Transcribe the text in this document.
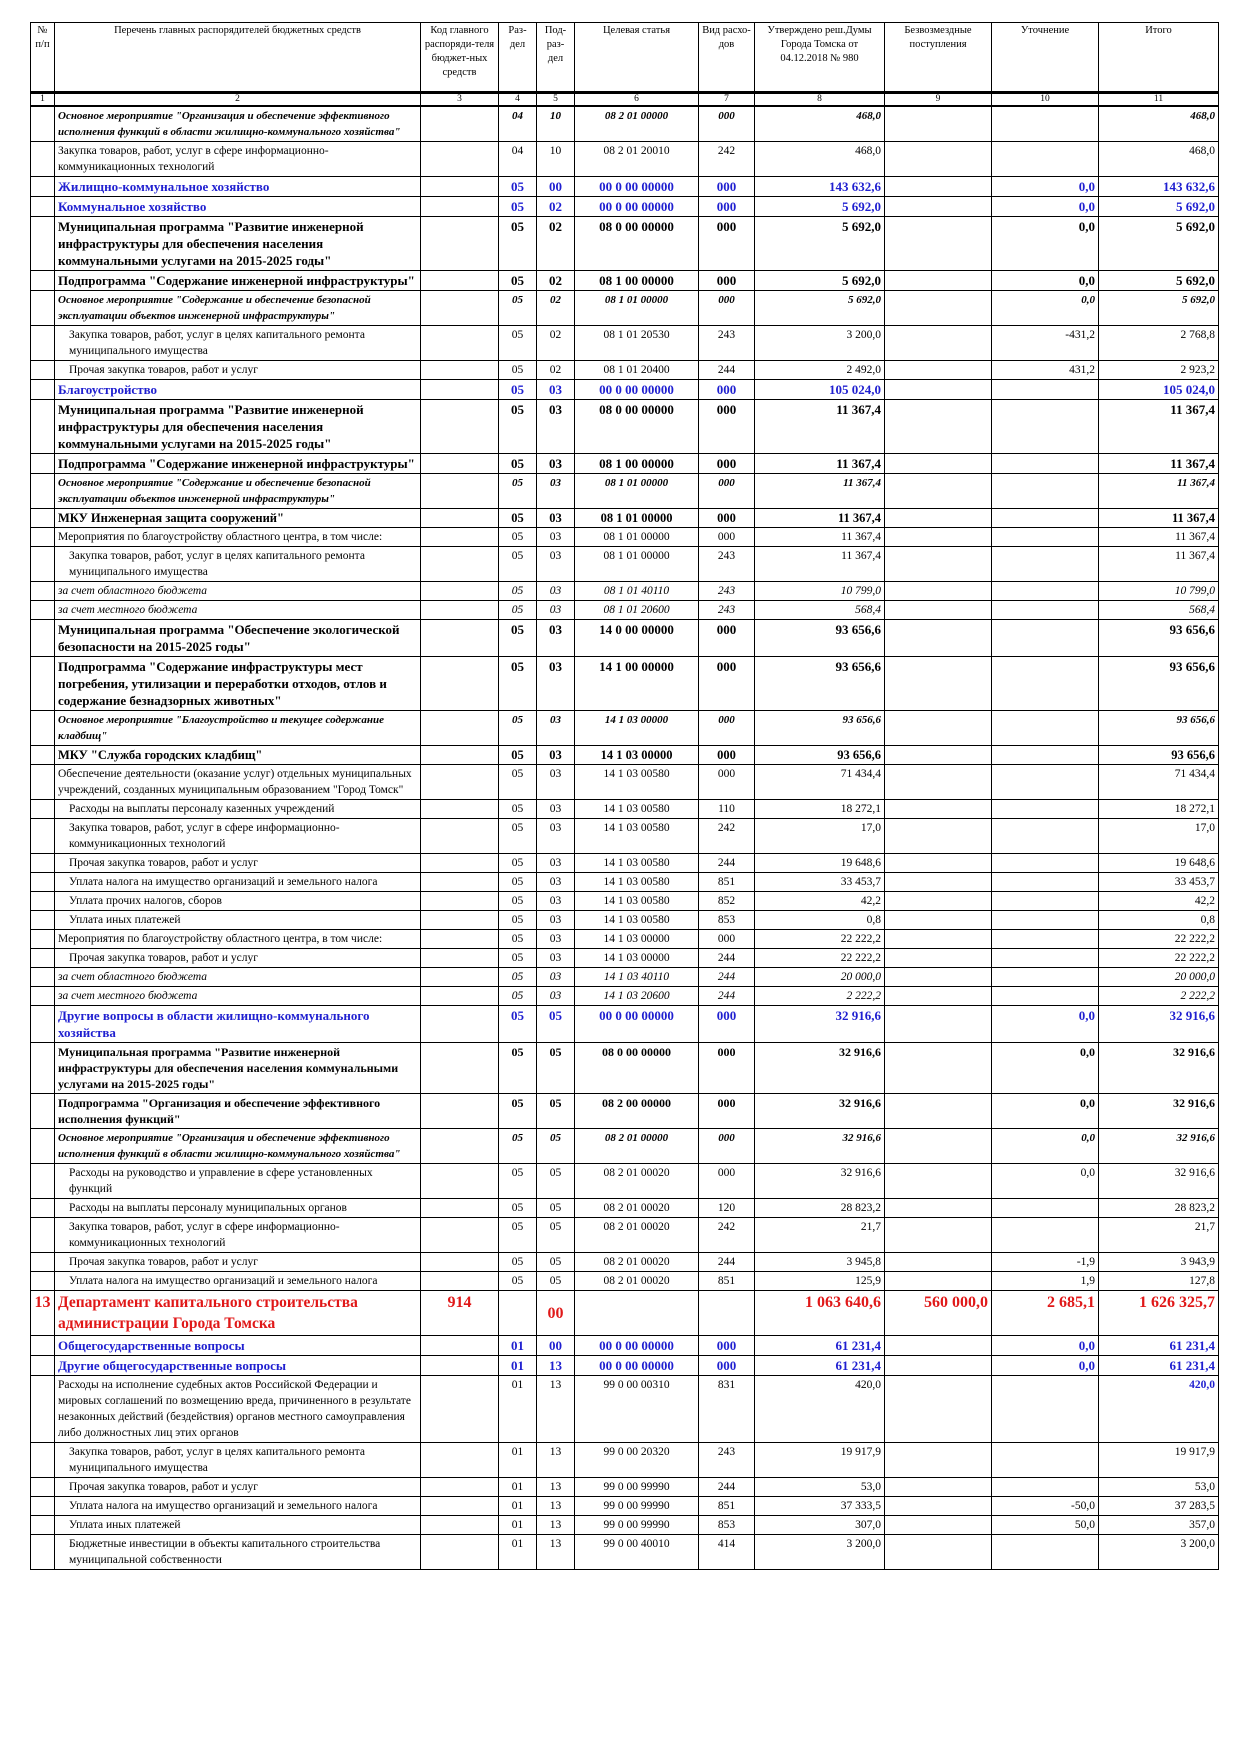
№ п/п	Перечень главных распорядителей бюджетных средств	Код главного распоряди-теля бюджет-ных средств	Раз-дел	Под-раз-дел	Целевая статья	Вид расхо-дов	Утверждено реш.Думы Города Томска от 04.12.2018 № 980	Безвозмездные поступления	Уточнение	Итого
1	2	3	4	5	6	7	8	9	10	11
	Основное мероприятие "Организация и обеспечение эффективного исполнения функций в области жилищно-коммунального хозяйства"		04	10	08 2 01 00000	000	468,0			468,0
	Закупка товаров, работ, услуг в сфере информационно-коммуникационных технологий		04	10	08 2 01 20010	242	468,0			468,0
	Жилищно-коммунальное хозяйство		05	00	00 0 00 00000	000	143 632,6		0,0	143 632,6
	Коммунальное хозяйство		05	02	00 0 00 00000	000	5 692,0		0,0	5 692,0
	Муниципальная программа "Развитие инженерной инфраструктуры для обеспечения населения коммунальными услугами на 2015-2025 годы"		05	02	08 0 00 00000	000	5 692,0		0,0	5 692,0
	Подпрограмма "Содержание инженерной инфраструктуры"		05	02	08 1 00 00000	000	5 692,0		0,0	5 692,0
	Основное мероприятие "Содержание и обеспечение безопасной эксплуатации объектов инженерной инфраструктуры"		05	02	08 1 01 00000	000	5 692,0		0,0	5 692,0
	Закупка товаров, работ, услуг в целях капитального ремонта муниципального имущества		05	02	08 1 01 20530	243	3 200,0		-431,2	2 768,8
	Прочая закупка товаров, работ и услуг		05	02	08 1 01 20400	244	2 492,0		431,2	2 923,2
	Благоустройство		05	03	00 0 00 00000	000	105 024,0			105 024,0
	Муниципальная программа "Развитие инженерной инфраструктуры для обеспечения населения коммунальными услугами на 2015-2025 годы"		05	03	08 0 00 00000	000	11 367,4			11 367,4
	Подпрограмма "Содержание инженерной инфраструктуры"		05	03	08 1 00 00000	000	11 367,4			11 367,4
	Основное мероприятие "Содержание и обеспечение безопасной эксплуатации объектов инженерной инфраструктуры"		05	03	08 1 01 00000	000	11 367,4			11 367,4
	МКУ Инженерная защита сооружений"		05	03	08 1 01 00000	000	11 367,4			11 367,4
	Мероприятия по благоустройству областного центра, в том числе:		05	03	08 1 01 00000	000	11 367,4			11 367,4
	Закупка товаров, работ, услуг в целях капитального ремонта муниципального имущества		05	03	08 1 01 00000	243	11 367,4			11 367,4
	за счет областного бюджета		05	03	08 1 01 40110	243	10 799,0			10 799,0
	за счет местного бюджета		05	03	08 1 01 20600	243	568,4			568,4
	Муниципальная программа "Обеспечение экологической безопасности на 2015-2025 годы"		05	03	14 0 00 00000	000	93 656,6			93 656,6
	Подпрограмма "Содержание инфраструктуры мест погребения, утилизации и переработки отходов, отлов и содержание безнадзорных животных"		05	03	14 1 00 00000	000	93 656,6			93 656,6
	Основное мероприятие "Благоустройство и текущее содержание кладбищ"		05	03	14 1 03 00000	000	93 656,6			93 656,6
	МКУ "Служба городских кладбищ"		05	03	14 1 03 00000	000	93 656,6			93 656,6
	Обеспечение деятельности (оказание услуг) отдельных муниципальных учреждений, созданных муниципальным образованием "Город Томск"		05	03	14 1 03 00580	000	71 434,4			71 434,4
	Расходы на выплаты персоналу казенных учреждений		05	03	14 1 03 00580	110	18 272,1			18 272,1
	Закупка товаров, работ, услуг в сфере информационно-коммуникационных технологий		05	03	14 1 03 00580	242	17,0			17,0
	Прочая закупка товаров, работ и услуг		05	03	14 1 03 00580	244	19 648,6			19 648,6
	Уплата налога на имущество организаций и земельного налога		05	03	14 1 03 00580	851	33 453,7			33 453,7
	Уплата прочих налогов, сборов		05	03	14 1 03 00580	852	42,2			42,2
	Уплата иных платежей		05	03	14 1 03 00580	853	0,8			0,8
	Мероприятия по благоустройству областного центра, в том числе:		05	03	14 1 03 00000	000	22 222,2			22 222,2
	Прочая закупка товаров, работ и услуг		05	03	14 1 03 00000	244	22 222,2			22 222,2
	за счет областного бюджета		05	03	14 1 03 40110	244	20 000,0			20 000,0
	за счет местного бюджета		05	03	14 1 03 20600	244	2 222,2			2 222,2
	Другие вопросы в области жилищно-коммунального хозяйства		05	05	00 0 00 00000	000	32 916,6		0,0	32 916,6
	Муниципальная программа "Развитие инженерной инфраструктуры для обеспечения населения коммунальными услугами на 2015-2025 годы"		05	05	08 0 00 00000	000	32 916,6		0,0	32 916,6
	Подпрограмма "Организация и обеспечение эффективного исполнения функций"		05	05	08 2 00 00000	000	32 916,6		0,0	32 916,6
	Основное мероприятие "Организация и обеспечение эффективного исполнения функций в области жилищно-коммунального хозяйства"		05	05	08 2 01 00000	000	32 916,6		0,0	32 916,6
	Расходы на руководство и управление в сфере установленных функций		05	05	08 2 01 00020	000	32 916,6		0,0	32 916,6
	Расходы на выплаты персоналу муниципальных органов		05	05	08 2 01 00020	120	28 823,2			28 823,2
	Закупка товаров, работ, услуг в сфере информационно-коммуникационных технологий		05	05	08 2 01 00020	242	21,7			21,7
	Прочая закупка товаров, работ и услуг		05	05	08 2 01 00020	244	3 945,8		-1,9	3 943,9
	Уплата налога на имущество организаций и земельного налога		05	05	08 2 01 00020	851	125,9		1,9	127,8
13	Департамент капитального строительства администрации Города Томска	914		00			1 063 640,6	560 000,0	2 685,1	1 626 325,7
	Общегосударственные вопросы		01	00	00 0 00 00000	000	61 231,4		0,0	61 231,4
	Другие общегосударственные вопросы		01	13	00 0 00 00000	000	61 231,4		0,0	61 231,4
	Расходы на исполнение судебных актов Российской Федерации и мировых соглашений по возмещению вреда, причиненного в результате незаконных действий (бездействия) органов местного самоуправления либо должностных лиц этих органов		01	13	99 0 00 00310	831	420,0			420,0
	Закупка товаров, работ, услуг в целях капитального ремонта муниципального имущества		01	13	99 0 00 20320	243	19 917,9			19 917,9
	Прочая закупка товаров, работ и услуг		01	13	99 0 00 99990	244	53,0			53,0
	Уплата налога на имущество организаций и земельного налога		01	13	99 0 00 99990	851	37 333,5		-50,0	37 283,5
	Уплата иных платежей		01	13	99 0 00 99990	853	307,0		50,0	357,0
	Бюджетные инвестиции в объекты капитального строительства муниципальной собственности		01	13	99 0 00 40010	414	3 200,0			3 200,0
